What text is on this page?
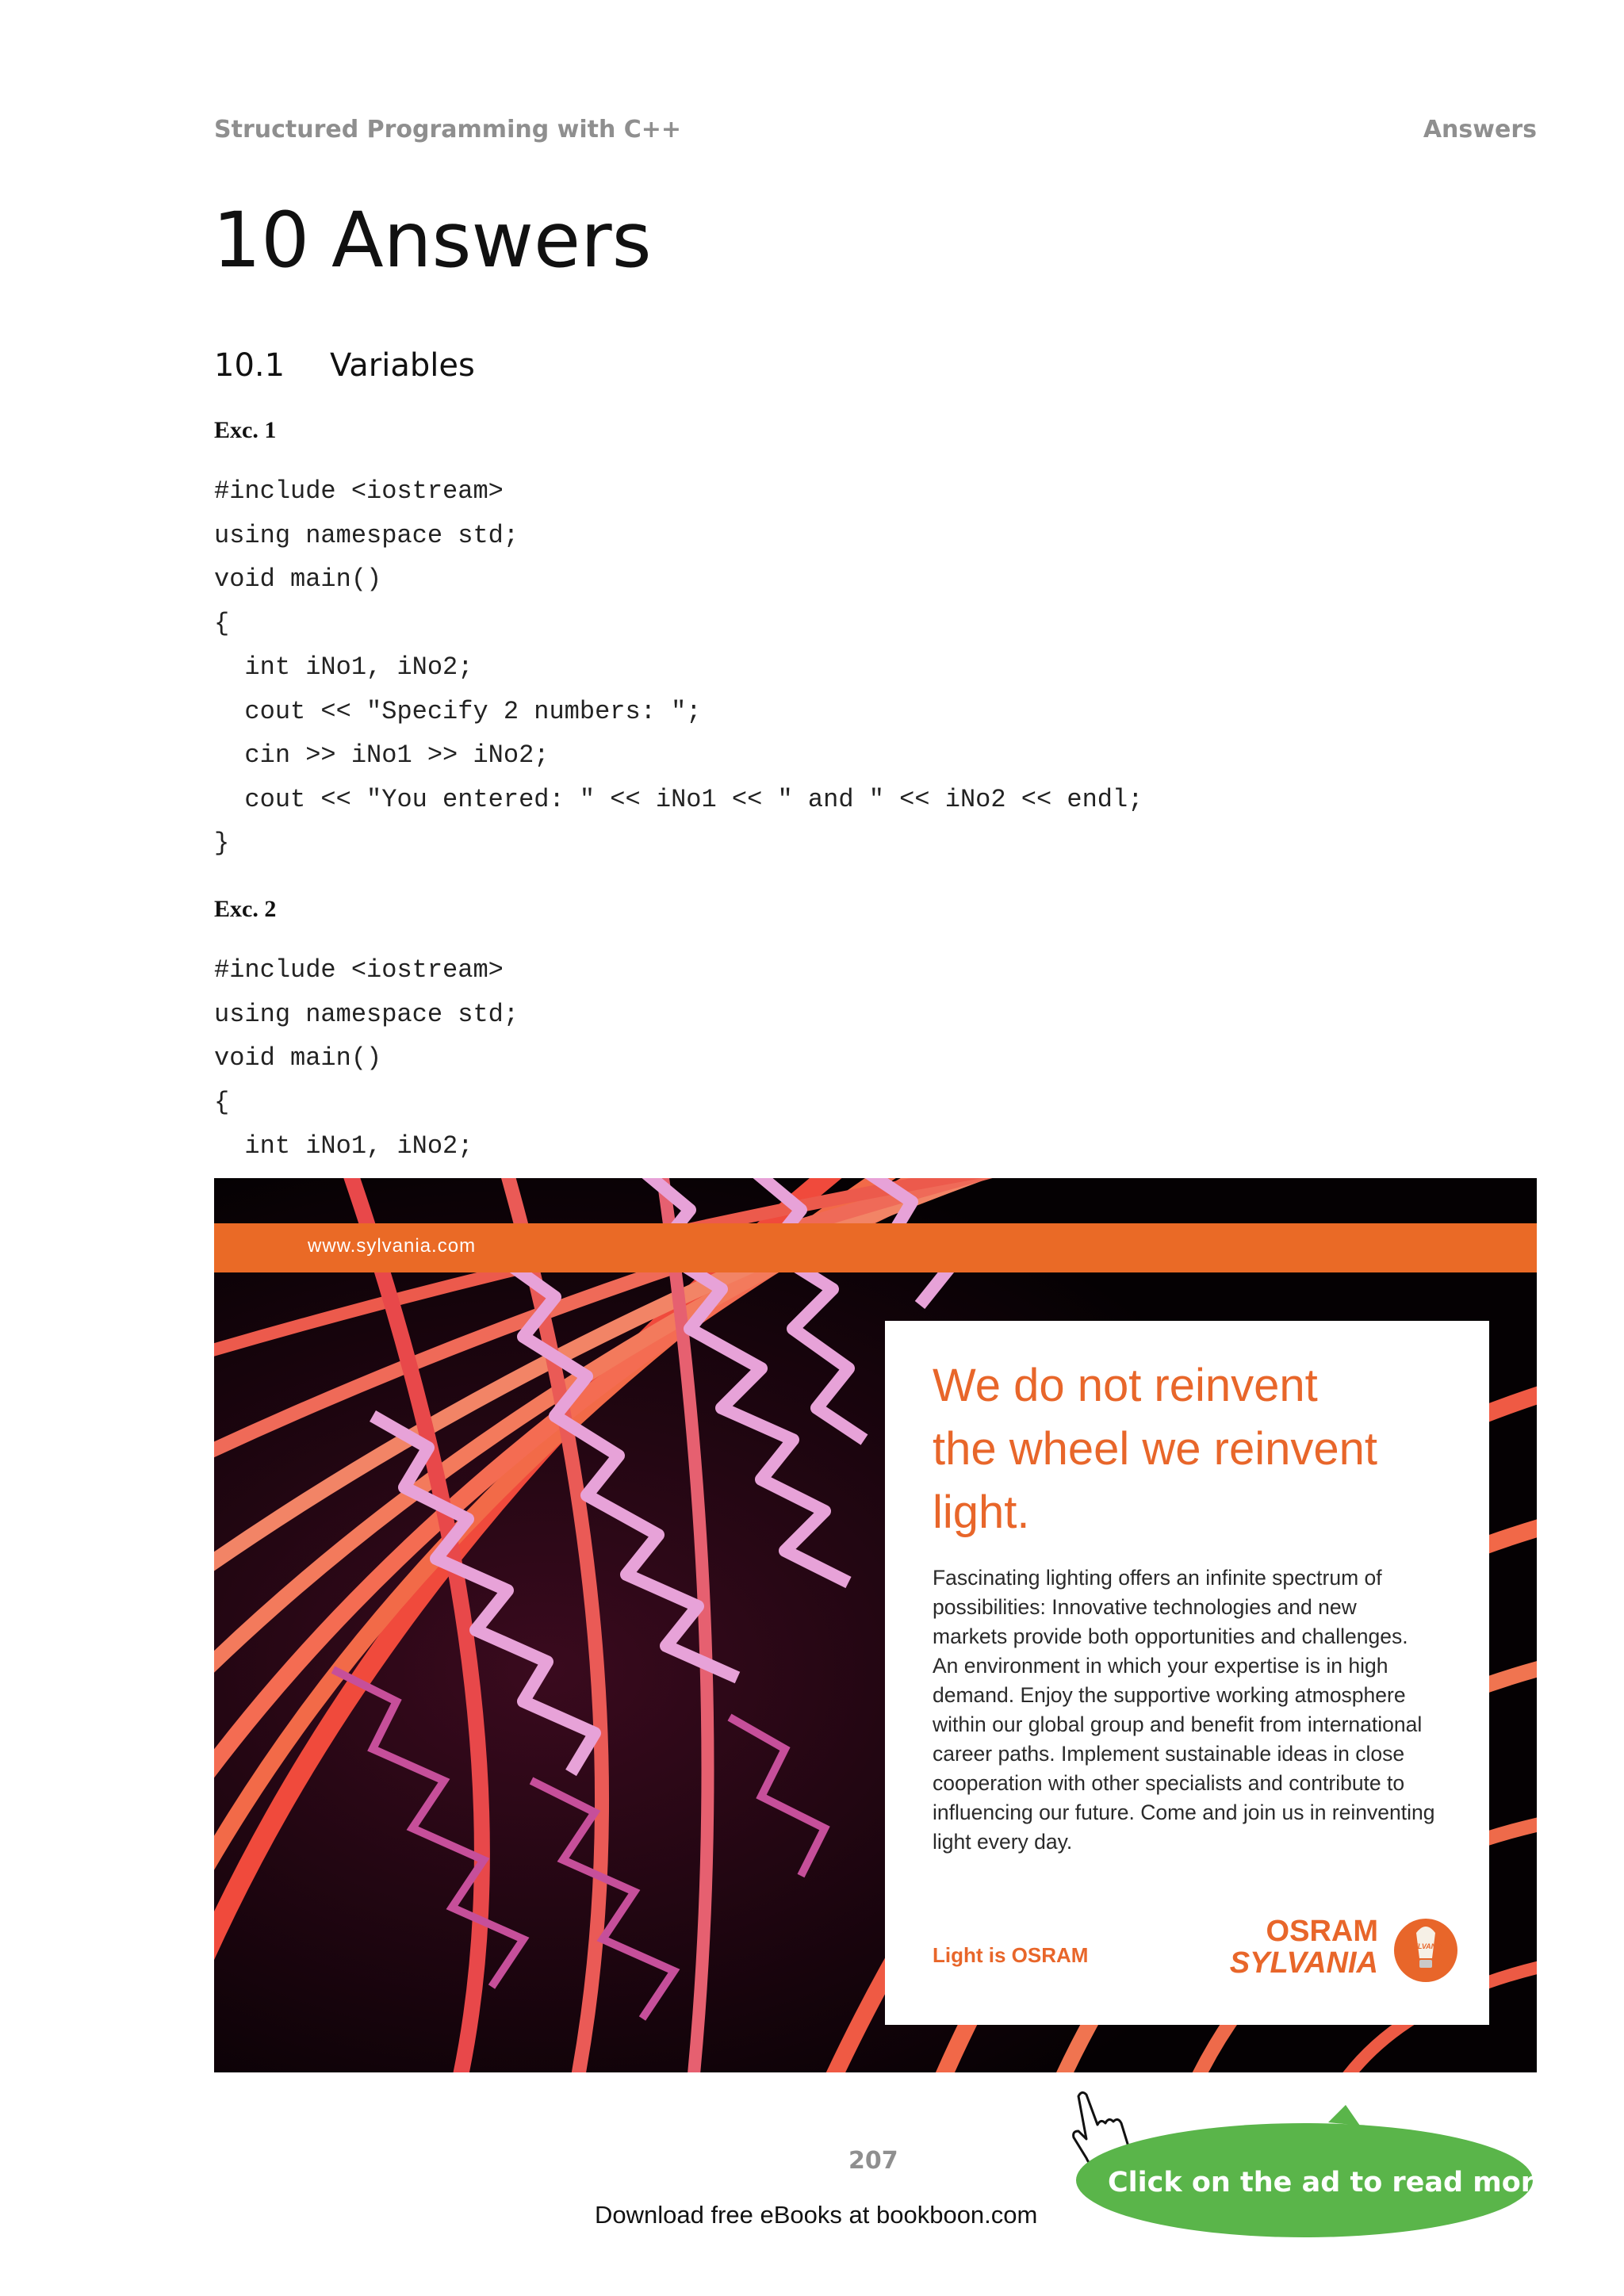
Structured Programming with C++	Answers
10 Answers
10.1 Variables
Exc. 1
#include <iostream>
using namespace std;
void main()
{
int iNo1, iNo2;
cout << "Specify 2 numbers: ";
cin >> iNo1 >> iNo2;
cout << "You entered: " << iNo1 << " and " << iNo2 << endl;
}
Exc. 2
#include <iostream>
using namespace std;
void main()
{
int iNo1, iNo2;
www.sylvania.com
We do not reinvent
the wheel we reinvent
light.
Fascinating lighting offers an infinite spectrum of
possibilities: Innovative technologies and new
markets provide both opportunities and challenges.
An environment in which your expertise is in high
demand. Enjoy the supportive working atmosphere
within our global group and benefit from international
career paths. Implement sustainable ideas in close
cooperation with other specialists and contribute to
influencing our future. Come and join us in reinventing
light every day.
Light is OSRAM
OSRAM
SYLVANIA	SYLVANIA
207
Download free eBooks at bookboon.com
Click on the ad to read more
